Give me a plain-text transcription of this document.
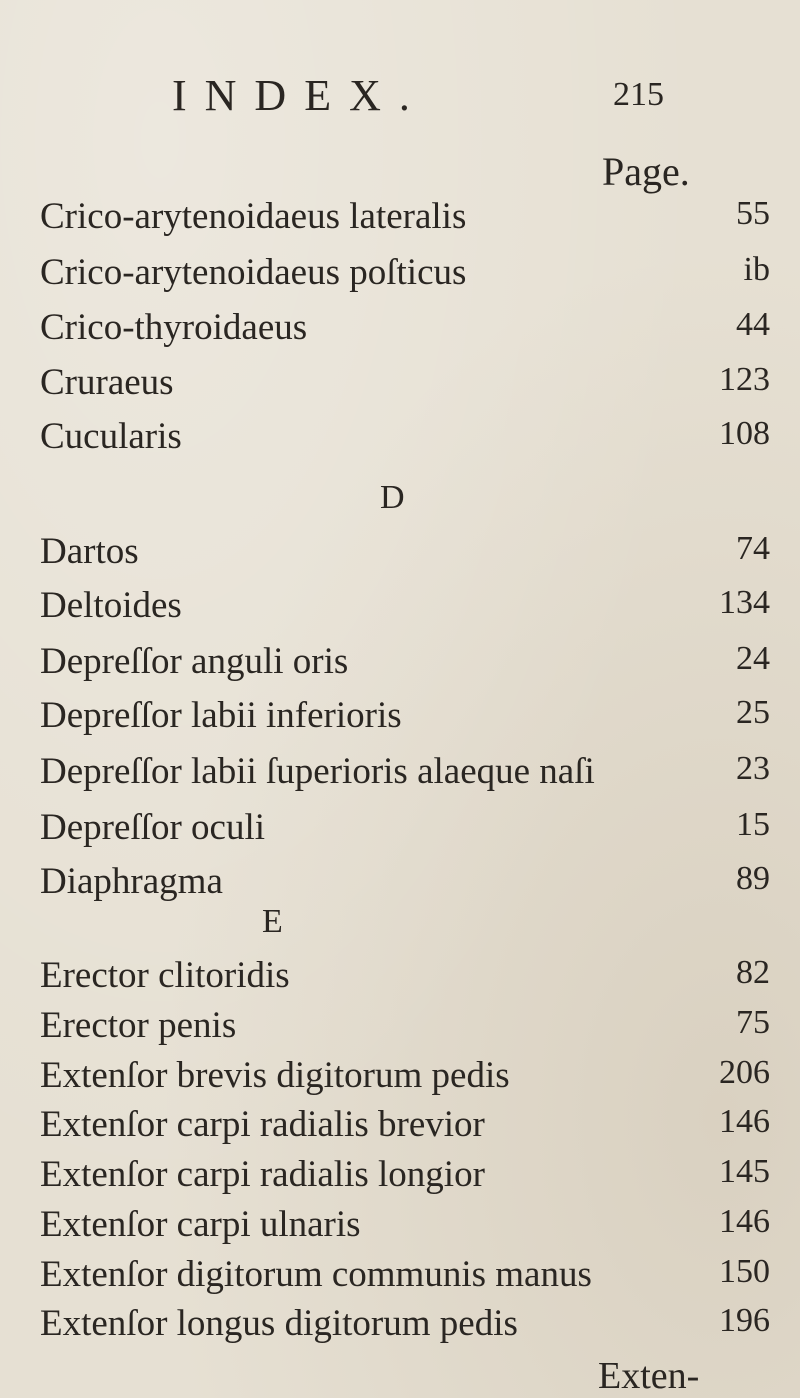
INDEX.	215
Page.
Crico-arytenoidaeus lateralis	55
Crico-arytenoidaeus poſticus	ib
Crico-thyroidaeus	44
Cruraeus	123
Cucularis	108
D
Dartos	74
Deltoides	134
Depreſſor anguli oris	24
Depreſſor labii inferioris	25
Depreſſor labii ſuperioris alaeque naſi	23
Depreſſor oculi	15
Diaphragma	89
E
Erector clitoridis	82
Erector penis	75
Extenſor brevis digitorum pedis	206
Extenſor carpi radialis brevior	146
Extenſor carpi radialis longior	145
Extenſor carpi ulnaris	146
Extenſor digitorum communis manus	150
Extenſor longus digitorum pedis	196
Exten-
